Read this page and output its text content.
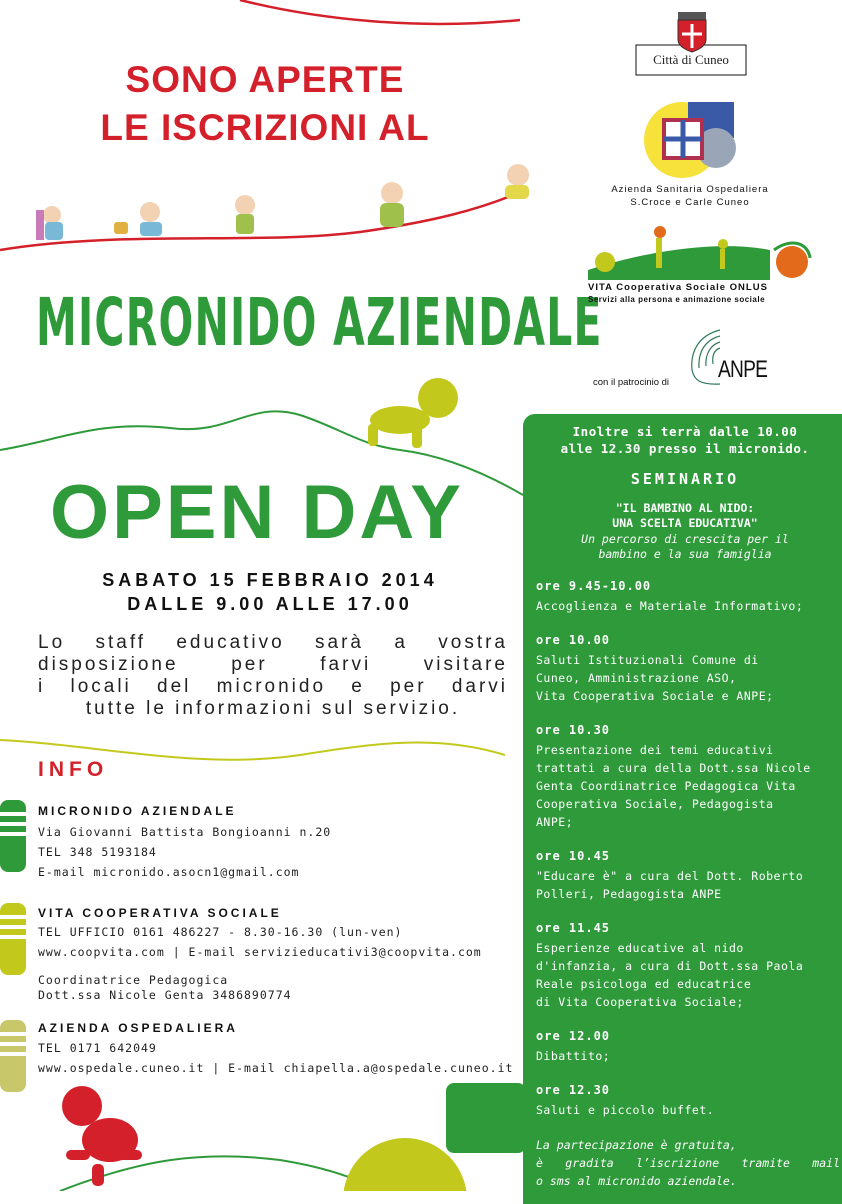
SONO APERTE
LE ISCRIZIONI AL
MICRONIDO AZIENDALE
OPEN DAY
SABATO 15 FEBBRAIO 2014
DALLE 9.00 ALLE 17.00
Lo staff educativo sarà a vostra
disposizione per farvi visitare
i locali del micronido e per darvi
tutte le informazioni sul servizio.
INFO
MICRONIDO AZIENDALE
Via Giovanni Battista Bongioanni n.20
TEL 348 5193184
E-mail micronido.asocn1@gmail.com
VITA COOPERATIVA SOCIALE
TEL UFFICIO 0161 486227 - 8.30-16.30 (lun-ven)
www.coopvita.com | E-mail servizieducativi3@coopvita.com
Coordinatrice Pedagogica
Dott.ssa Nicole Genta 3486890774
AZIENDA OSPEDALIERA
TEL 0171 642049
www.ospedale.cuneo.it | E-mail chiapella.a@ospedale.cuneo.it
Città di Cuneo
Azienda Sanitaria Ospedaliera
S.Croce e Carle Cuneo
VITA Cooperativa Sociale ONLUS
Servizi alla persona e animazione sociale
con il patrocinio di ANPE
Inoltre si terrà dalle 10.00
alle 12.30 presso il micronido.
SEMINARIO
"IL BAMBINO AL NIDO:
UNA SCELTA EDUCATIVA"
Un percorso di crescita per il
bambino e la sua famiglia
ore 9.45-10.00
Accoglienza e Materiale Informativo;
ore 10.00
Saluti Istituzionali Comune di
Cuneo, Amministrazione ASO,
Vita Cooperativa Sociale e ANPE;
ore 10.30
Presentazione dei temi educativi
trattati a cura della Dott.ssa Nicole
Genta Coordinatrice Pedagogica Vita
Cooperativa Sociale, Pedagogista
ANPE;
ore 10.45
"Educare è" a cura del Dott. Roberto
Polleri, Pedagogista ANPE
ore 11.45
Esperienze educative al nido
d'infanzia, a cura di Dott.ssa Paola
Reale psicologa ed educatrice
di Vita Cooperativa Sociale;
ore 12.00
Dibattito;
ore 12.30
Saluti e piccolo buffet.
La partecipazione è gratuita,
è gradita l’iscrizione tramite mail
o sms al micronido aziendale.
